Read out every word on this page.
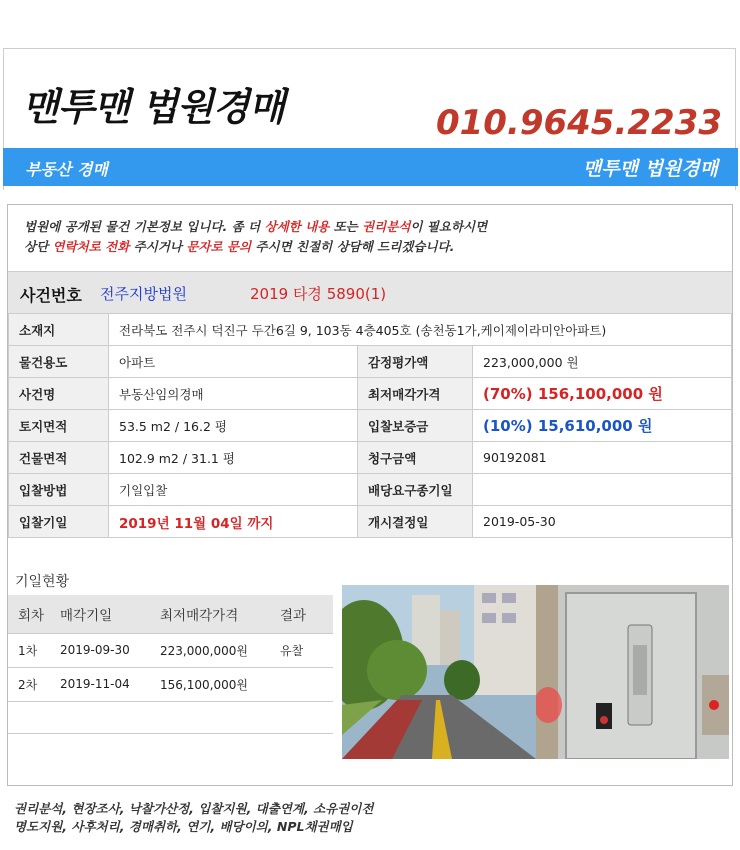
맨투맨 법원경매	010.9645.2233
부동산 경매	맨투맨 법원경매
법원에 공개된 물건 기본정보 입니다. 좀 더 상세한 내용 또는 권리분석이 필요하시면
상단 연락처로 전화 주시거나 문자로 문의 주시면 친절히 상담해 드리겠습니다.
사건번호 전주지방법원	2019 타경 5890(1)
소재지	전라북도 전주시 덕진구 두간6길 9, 103동 4층405호 (송천동1가,케이제이라미안아파트)		
물건용도	아파트	감정평가액	223,000,000 원
사건명	부동산임의경매	최저매각가격	(70%) 156,100,000 원
토지면적	53.5 m2 / 16.2 평	입찰보증금	(10%) 15,610,000 원
건물면적	102.9 m2 / 31.1 평	청구금액	90192081
입찰방법	기일입찰	배당요구종기일	
입찰기일	2019년 11월 04일 까지	개시결정일	2019-05-30
기일현황
회차	매각기일	최저매각가격	결과
1차	2019-09-30	223,000,000원	유찰
2차	2019-11-04	156,100,000원	

권리분석, 현장조사, 낙찰가산정, 입찰지원, 대출연계, 소유권이전
명도지원, 사후처리, 경매취하, 연기, 배당이의, NPL채권매입
